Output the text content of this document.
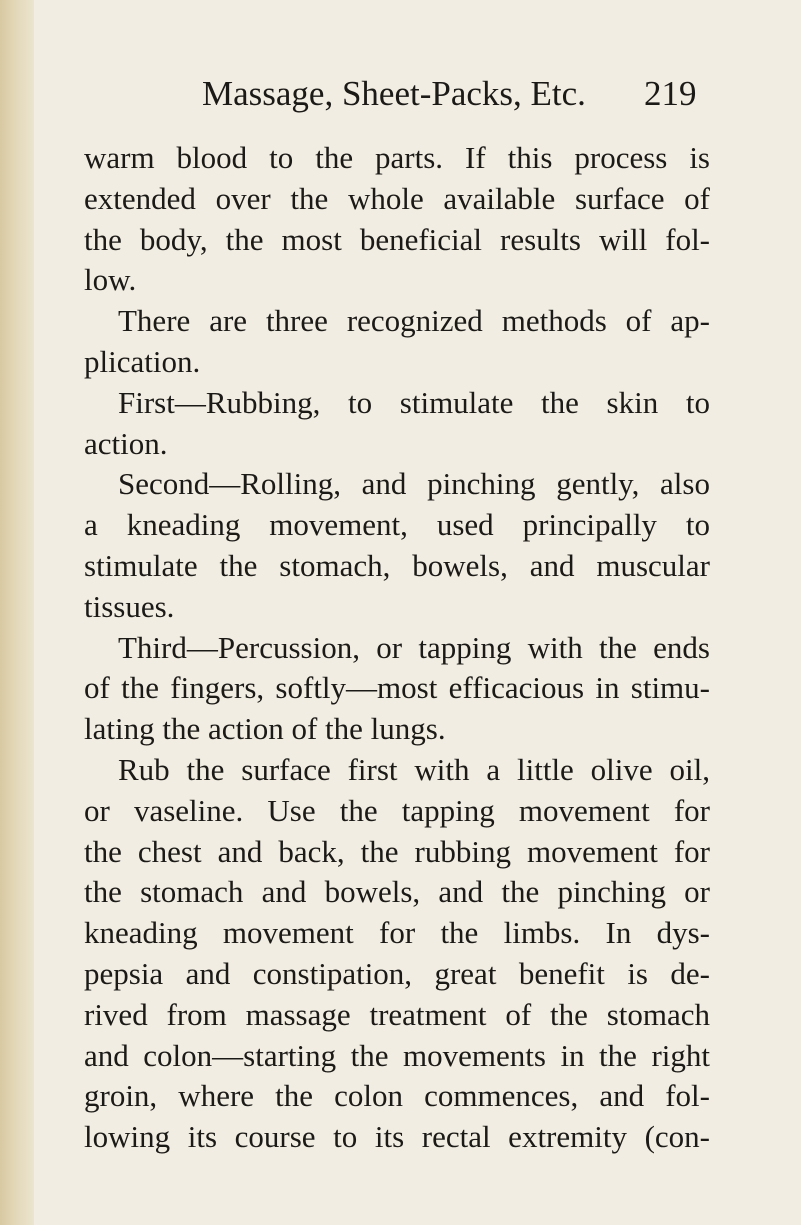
Massage, Sheet-Packs, Etc. 219
warm blood to the parts. If this process is
extended over the whole available surface of
the body, the most beneficial results will fol-
low.
There are three recognized methods of ap-
plication.
First—Rubbing, to stimulate the skin to
action.
Second—Rolling, and pinching gently, also
a kneading movement, used principally to
stimulate the stomach, bowels, and muscular
tissues.
Third—Percussion, or tapping with the ends
of the fingers, softly—most efficacious in stimu-
lating the action of the lungs.
Rub the surface first with a little olive oil,
or vaseline. Use the tapping movement for
the chest and back, the rubbing movement for
the stomach and bowels, and the pinching or
kneading movement for the limbs. In dys-
pepsia and constipation, great benefit is de-
rived from massage treatment of the stomach
and colon—starting the movements in the right
groin, where the colon commences, and fol-
lowing its course to its rectal extremity (con-
